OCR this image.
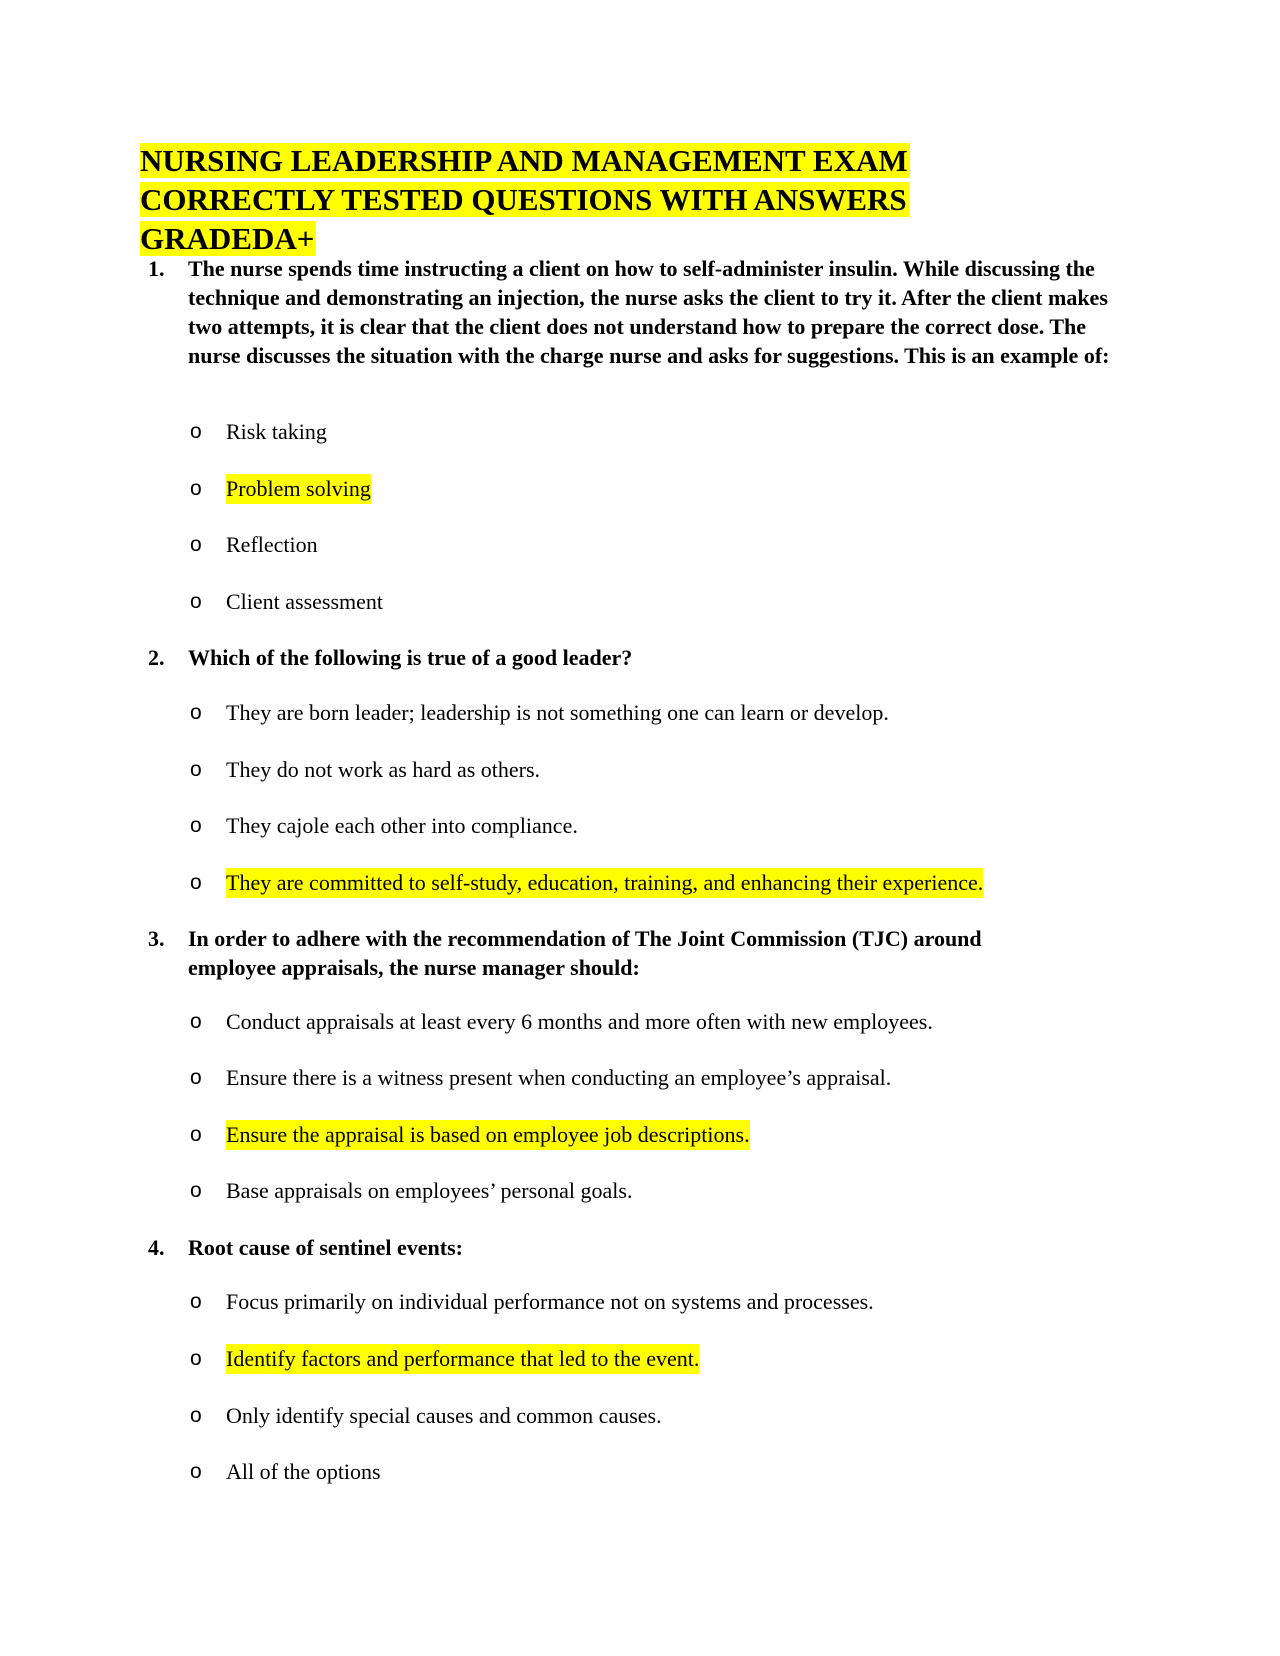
NURSING LEADERSHIP AND MANAGEMENT EXAM
CORRECTLY TESTED QUESTIONS WITH ANSWERS
GRADEDA+
1.	The nurse spends time instructing a client on how to self-administer insulin. While discussing the technique and demonstrating an injection, the nurse asks the client to try it. After the client makes two attempts, it is clear that the client does not understand how to prepare the correct dose. The nurse discusses the situation with the charge nurse and asks for suggestions. This is an example of:
o Risk taking
o Problem solving
o Reflection
o Client assessment
2.	Which of the following is true of a good leader?
o They are born leader; leadership is not something one can learn or develop.
o They do not work as hard as others.
o They cajole each other into compliance.
o They are committed to self-study, education, training, and enhancing their experience.
3.	In order to adhere with the recommendation of The Joint Commission (TJC) around employee appraisals, the nurse manager should:
o Conduct appraisals at least every 6 months and more often with new employees.
o Ensure there is a witness present when conducting an employee’s appraisal.
o Ensure the appraisal is based on employee job descriptions.
o Base appraisals on employees’ personal goals.
4.	Root cause of sentinel events:
o Focus primarily on individual performance not on systems and processes.
o Identify factors and performance that led to the event.
o Only identify special causes and common causes.
o All of the options
